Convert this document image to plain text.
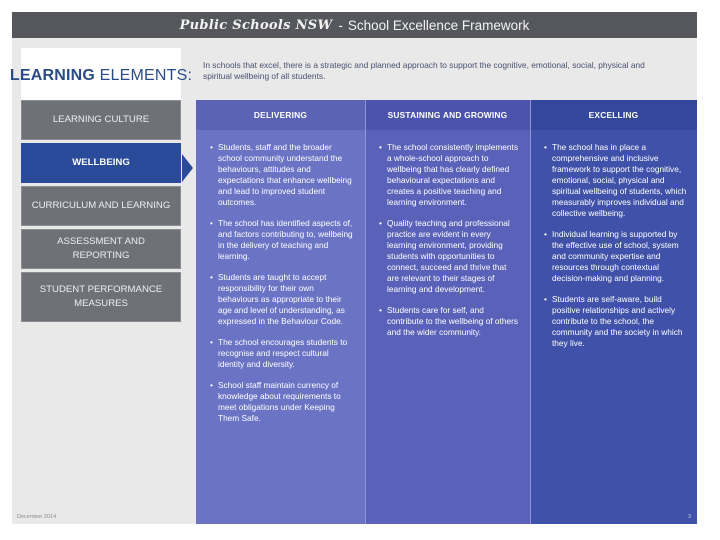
Public Schools NSW - School Excellence Framework
LEARNING ELEMENTS:
In schools that excel, there is a strategic and planned approach to support the cognitive, emotional, social, physical and spiritual wellbeing of all students.
LEARNING CULTURE
WELLBEING
CURRICULUM AND LEARNING
ASSESSMENT AND REPORTING
STUDENT PERFORMANCE MEASURES
DELIVERING
• Students, staff and the broader school community understand the behaviours, attitudes and expectations that enhance wellbeing and lead to improved student outcomes.
• The school has identified aspects of, and factors contributing to, wellbeing in the delivery of teaching and learning.
• Students are taught to accept responsibility for their own behaviours as appropriate to their age and level of understanding, as expressed in the Behaviour Code.
• The school encourages students to recognise and respect cultural identity and diversity.
• School staff maintain currency of knowledge about requirements to meet obligations under Keeping Them Safe.
SUSTAINING AND GROWING
• The school consistently implements a whole-school approach to wellbeing that has clearly defined behavioural expectations and creates a positive teaching and learning environment.
• Quality teaching and professional practice are evident in every learning environment, providing students with opportunities to connect, succeed and thrive that are relevant to their stages of learning and development.
• Students care for self, and contribute to the wellbeing of others and the wider community.
EXCELLING
• The school has in place a comprehensive and inclusive framework to support the cognitive, emotional, social, physical and spiritual wellbeing of students, which measurably improves individual and collective wellbeing.
• Individual learning is supported by the effective use of school, system and community expertise and resources through contextual decision-making and planning.
• Students are self-aware, build positive relationships and actively contribute to the school, the community and the society in which they live.
December 2014	3
